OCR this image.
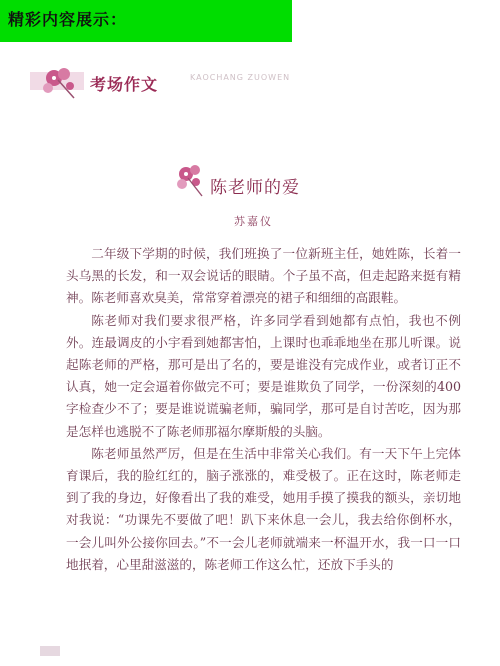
精彩内容展示：
考场作文	KAOCHANG ZUOWEN
陈老师的爱
苏嘉仪

二年级下学期的时候，我们班换了一位新班主任，她姓陈，长着一头乌黑的长发，和一双会说话的眼睛。个子虽不高，但走起路来挺有精神。陈老师喜欢臭美，常常穿着漂亮的裙子和细细的高跟鞋。

陈老师对我们要求很严格，许多同学看到她都有点怕，我也不例外。连最调皮的小宇看到她都害怕，上课时也乖乖地坐在那儿听课。说起陈老师的严格，那可是出了名的，要是谁没有完成作业，或者订正不认真，她一定会逼着你做完不可；要是谁欺负了同学，一份深刻的400字检查少不了；要是谁说谎骗老师，骗同学，那可是自讨苦吃，因为那是怎样也逃脱不了陈老师那福尔摩斯般的头脑。

陈老师虽然严厉，但是在生活中非常关心我们。有一天下午上完体育课后，我的脸红红的，脑子涨涨的，难受极了。正在这时，陈老师走到了我的身边，好像看出了我的难受，她用手摸了摸我的额头，亲切地对我说：“功课先不要做了吧！趴下来休息一会儿，我去给你倒杯水，一会儿叫外公接你回去。”不一会儿老师就端来一杯温开水，我一口一口地抿着，心里甜滋滋的，陈老师工作这么忙，还放下手头的
